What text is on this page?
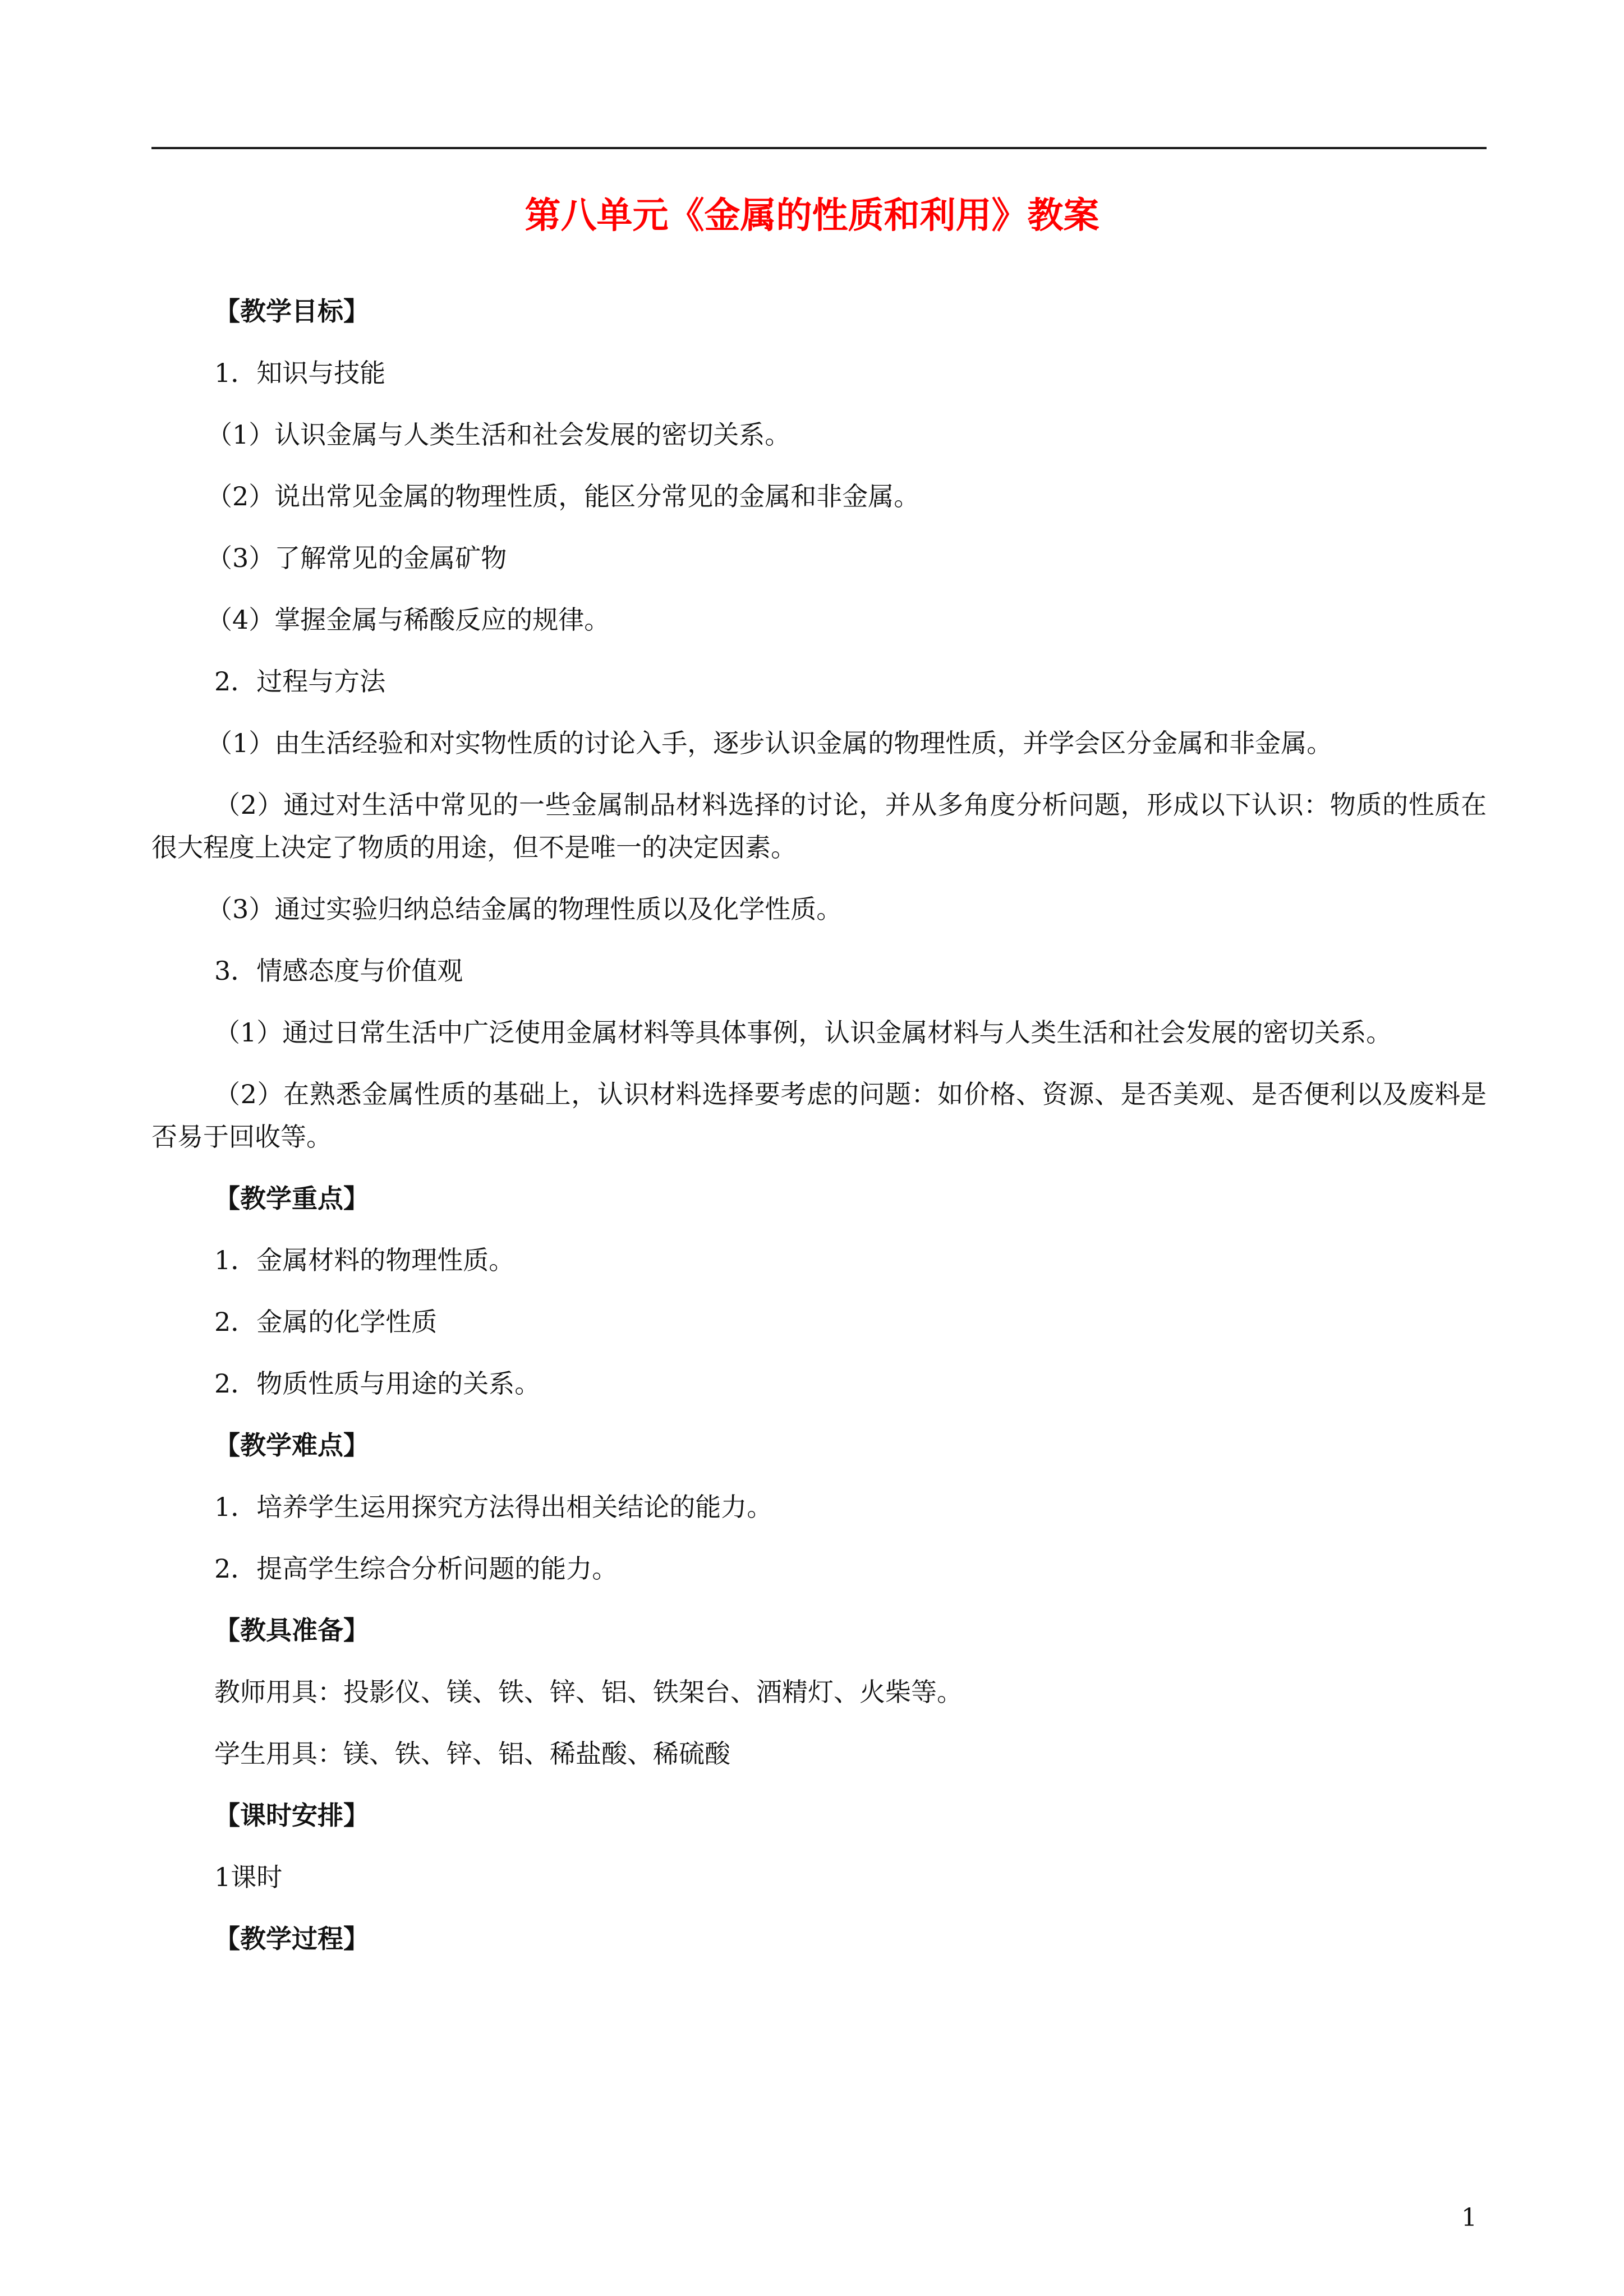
第八单元《金属的性质和利用》教案

【教学目标】

1．知识与技能

（1）认识金属与人类生活和社会发展的密切关系。

（2）说出常见金属的物理性质，能区分常见的金属和非金属。

（3）了解常见的金属矿物

（4）掌握金属与稀酸反应的规律。

2．过程与方法

（1）由生活经验和对实物性质的讨论入手，逐步认识金属的物理性质，并学会区分金属和非金属。

（2）通过对生活中常见的一些金属制品材料选择的讨论，并从多角度分析问题，形成以下认识：物质的性质在很大程度上决定了物质的用途，但不是唯一的决定因素。

（3）通过实验归纳总结金属的物理性质以及化学性质。

3．情感态度与价值观

（1）通过日常生活中广泛使用金属材料等具体事例，认识金属材料与人类生活和社会发展的密切关系。

（2）在熟悉金属性质的基础上，认识材料选择要考虑的问题：如价格、资源、是否美观、是否便利以及废料是否易于回收等。

【教学重点】

1．金属材料的物理性质。

2．金属的化学性质

2．物质性质与用途的关系。

【教学难点】

1．培养学生运用探究方法得出相关结论的能力。

2．提高学生综合分析问题的能力。

【教具准备】

教师用具：投影仪、镁、铁、锌、铝、铁架台、酒精灯、火柴等。

学生用具：镁、铁、锌、铝、稀盐酸、稀硫酸

【课时安排】

1课时

【教学过程】

1
